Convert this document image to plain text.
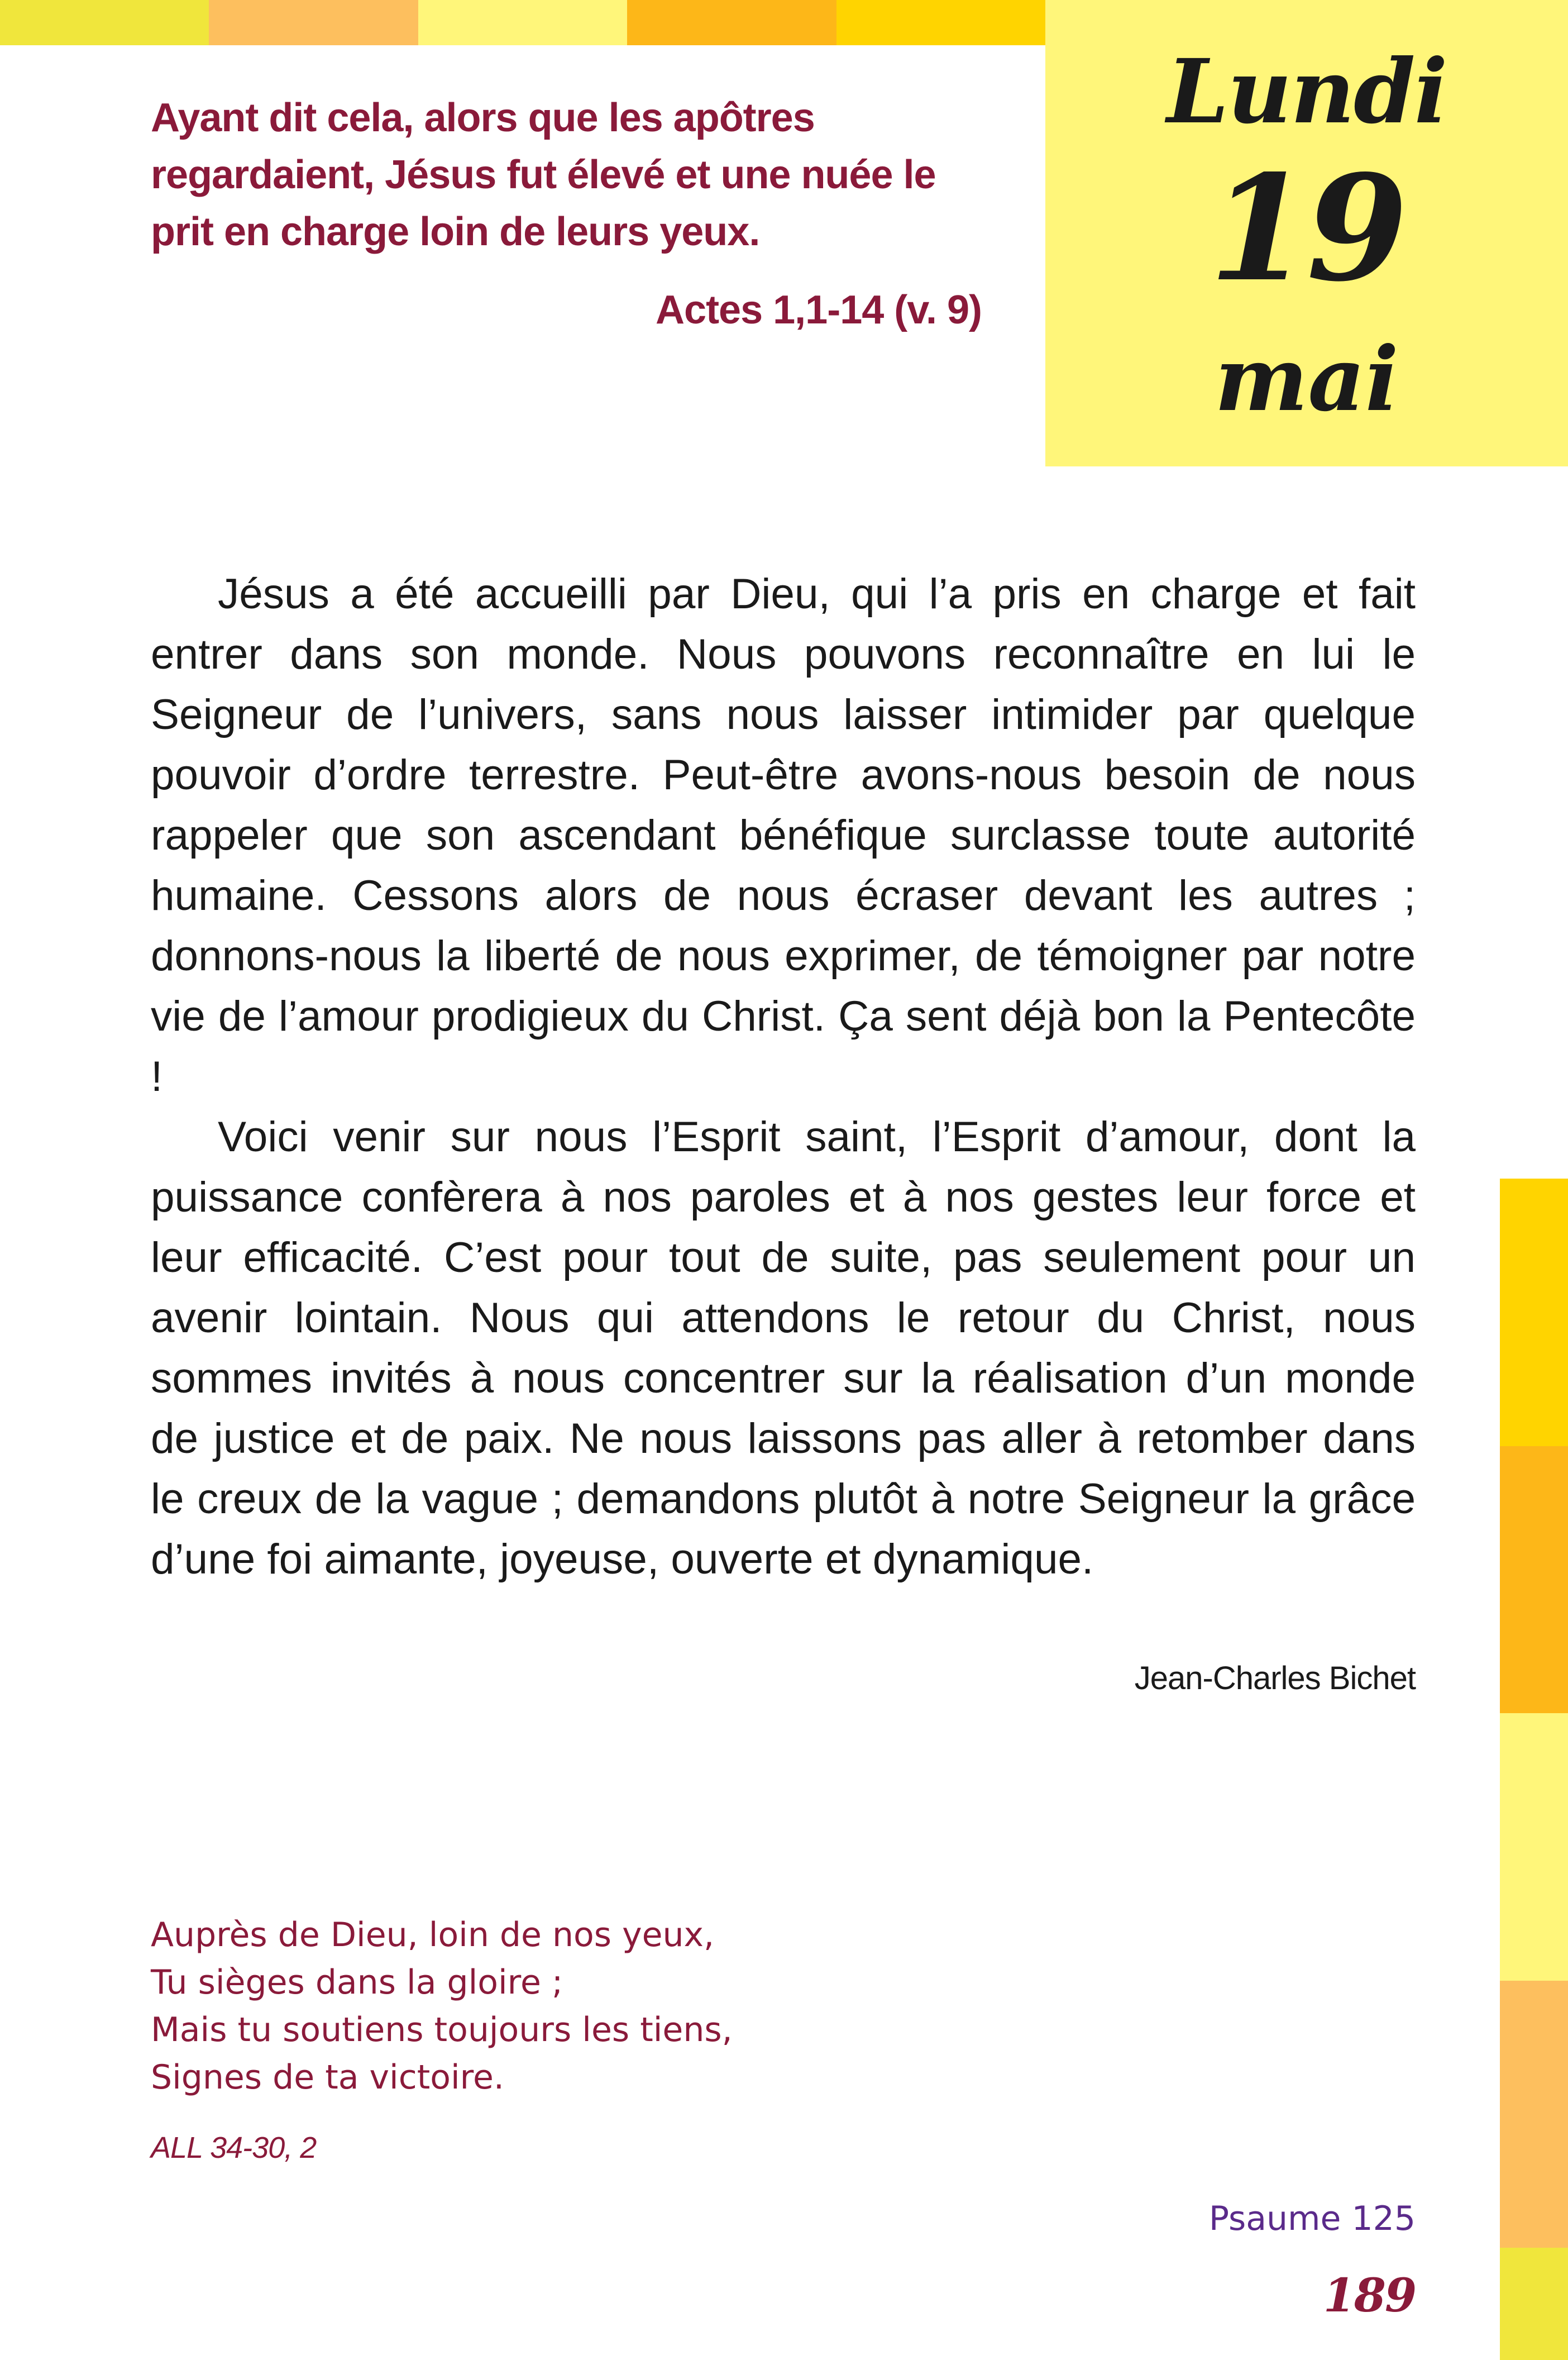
Lundi
19
mai

Ayant dit cela, alors que les apôtres regardaient, Jésus fut élevé et une nuée le prit en charge loin de leurs yeux.

Actes 1,1-14 (v. 9)

Jésus a été accueilli par Dieu, qui l’a pris en charge et fait entrer dans son monde. Nous pouvons reconnaître en lui le Seigneur de l’univers, sans nous laisser intimider par quelque pouvoir d’ordre terrestre. Peut-être avons-nous besoin de nous rappeler que son ascendant bénéfique surclasse toute autorité humaine. Cessons alors de nous écraser devant les autres ; donnons-nous la liberté de nous exprimer, de témoigner par notre vie de l’amour prodigieux du Christ. Ça sent déjà bon la Pentecôte !

Voici venir sur nous l’Esprit saint, l’Esprit d’amour, dont la puissance confèrera à nos paroles et à nos gestes leur force et leur efficacité. C’est pour tout de suite, pas seulement pour un avenir lointain. Nous qui attendons le retour du Christ, nous sommes invités à nous concentrer sur la réalisation d’un monde de justice et de paix. Ne nous laissons pas aller à retomber dans le creux de la vague ; demandons plutôt à notre Seigneur la grâce d’une foi aimante, joyeuse, ouverte et dynamique.

Jean-Charles Bichet
Auprès de Dieu, loin de nos yeux,
Tu sièges dans la gloire ;
Mais tu soutiens toujours les tiens,
Signes de ta victoire.
ALL 34-30, 2
Psaume 125
189
